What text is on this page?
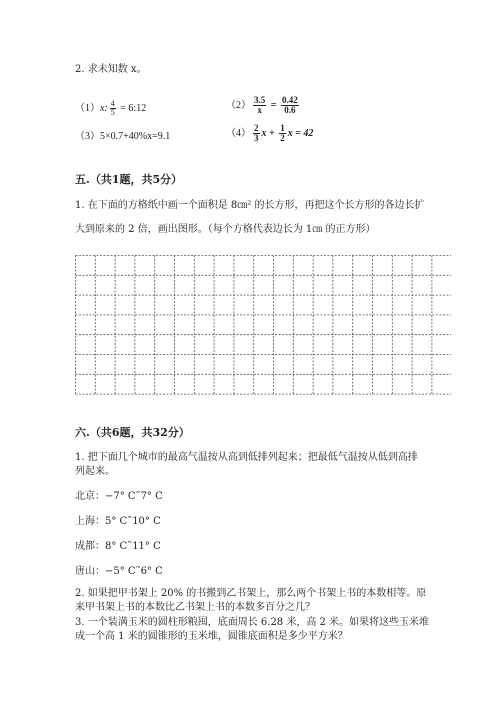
2. 求未知数 x。
（1）x: $\frac{4}{5}$ = 6:12	$(2) \frac{3.5}{x} = \frac{0.42}{0.6}$
（3）5×0.7+40%x=9.1	$(4) \frac{2}{3}$ $x + \frac{1}{2}$ x = 42
五.（共1题，共5分）
1. 在下面的方格纸中画一个面积是 8㎝² 的长方形，再把这个长方形的各边长扩
大到原来的 2 倍，画出图形。（每个方格代表边长为 1㎝ 的正方形）
六.（共6题，共32分）
1. 把下面几个城市的最高气温按从高到低排列起来；把最低气温按从低到高排
列起来。
北京：−7° C˜7° C
上海：5° C˜10° C
成都：8° C˜11° C
唐山：−5° C˜6° C
2. 如果把甲书架上 20% 的书搬到乙书架上，那么两个书架上书的本数相等。原
来甲书架上书的本数比乙书架上书的本数多百分之几？
3. 一个装满玉米的圆柱形粮囤，底面周长 6.28 米，高 2 米。如果将这些玉米堆
成一个高 1 米的圆锥形的玉米堆，圆锥底面积是多少平方米？
